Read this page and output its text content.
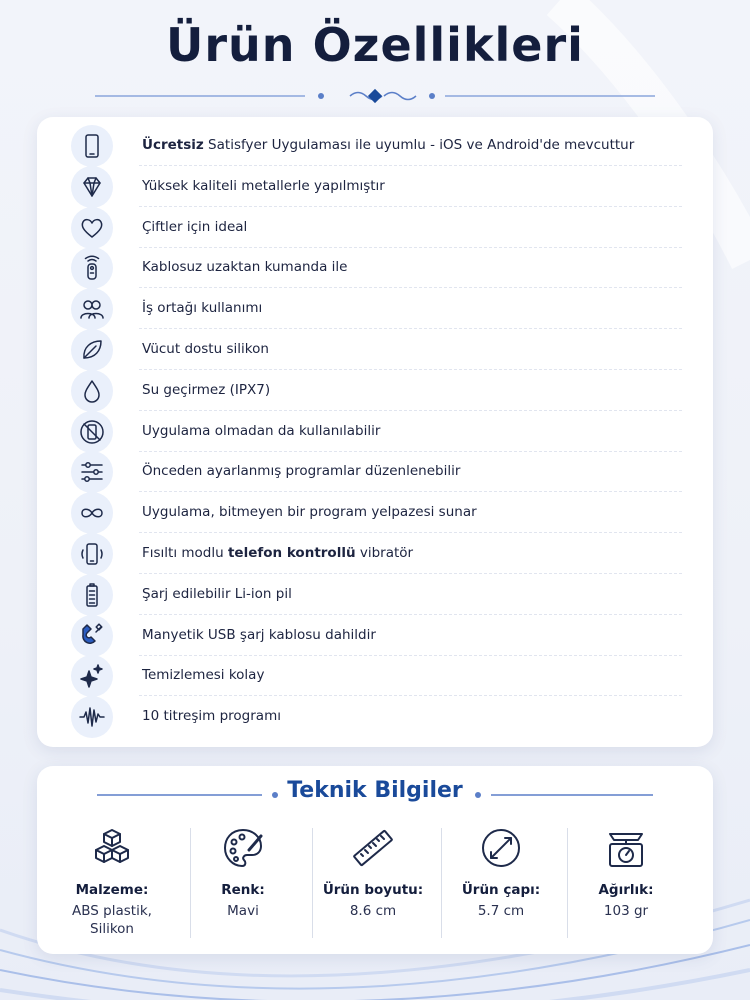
Ürün Özellikleri
Ücretsiz Satisfyer Uygulaması ile uyumlu - iOS ve Android'de mevcuttur
Yüksek kaliteli metallerle yapılmıştır
Çiftler için ideal
Kablosuz uzaktan kumanda ile
İş ortağı kullanımı
Vücut dostu silikon
Su geçirmez (IPX7)
Uygulama olmadan da kullanılabilir
Önceden ayarlanmış programlar düzenlenebilir
Uygulama, bitmeyen bir program yelpazesi sunar
Fısıltı modlu telefon kontrollü vibratör
Şarj edilebilir Li-ion pil
Manyetik USB şarj kablosu dahildir
Temizlemesi kolay
10 titreşim programı
Teknik Bilgiler
Malzeme:
ABS plastik,
Silikon
Renk:
Mavi
Ürün boyutu:
8.6 cm
Ürün çapı:
5.7 cm
Ağırlık:
103 gr
